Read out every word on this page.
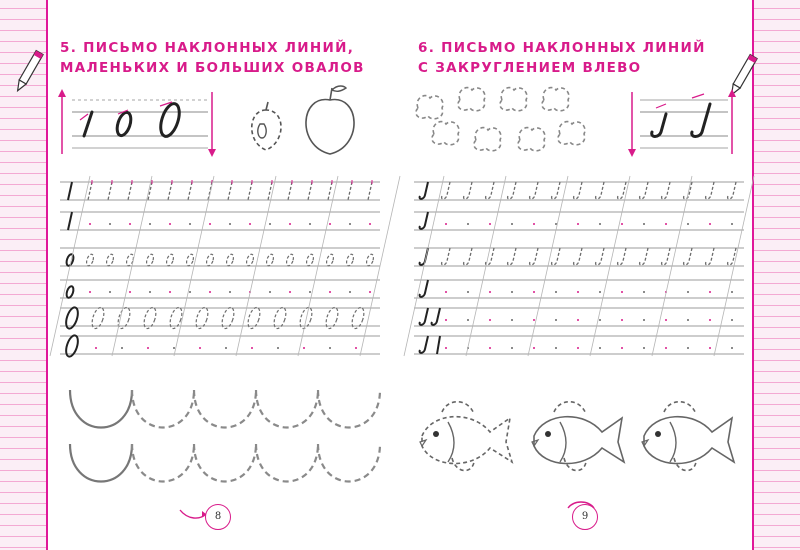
5. ПИСЬМО НАКЛОННЫХ ЛИНИЙ,
МАЛЕНЬКИХ И БОЛЬШИХ ОВАЛОВ
8
6. ПИСЬМО НАКЛОННЫХ ЛИНИЙ
С ЗАКРУГЛЕНИЕМ ВЛЕВО
9
